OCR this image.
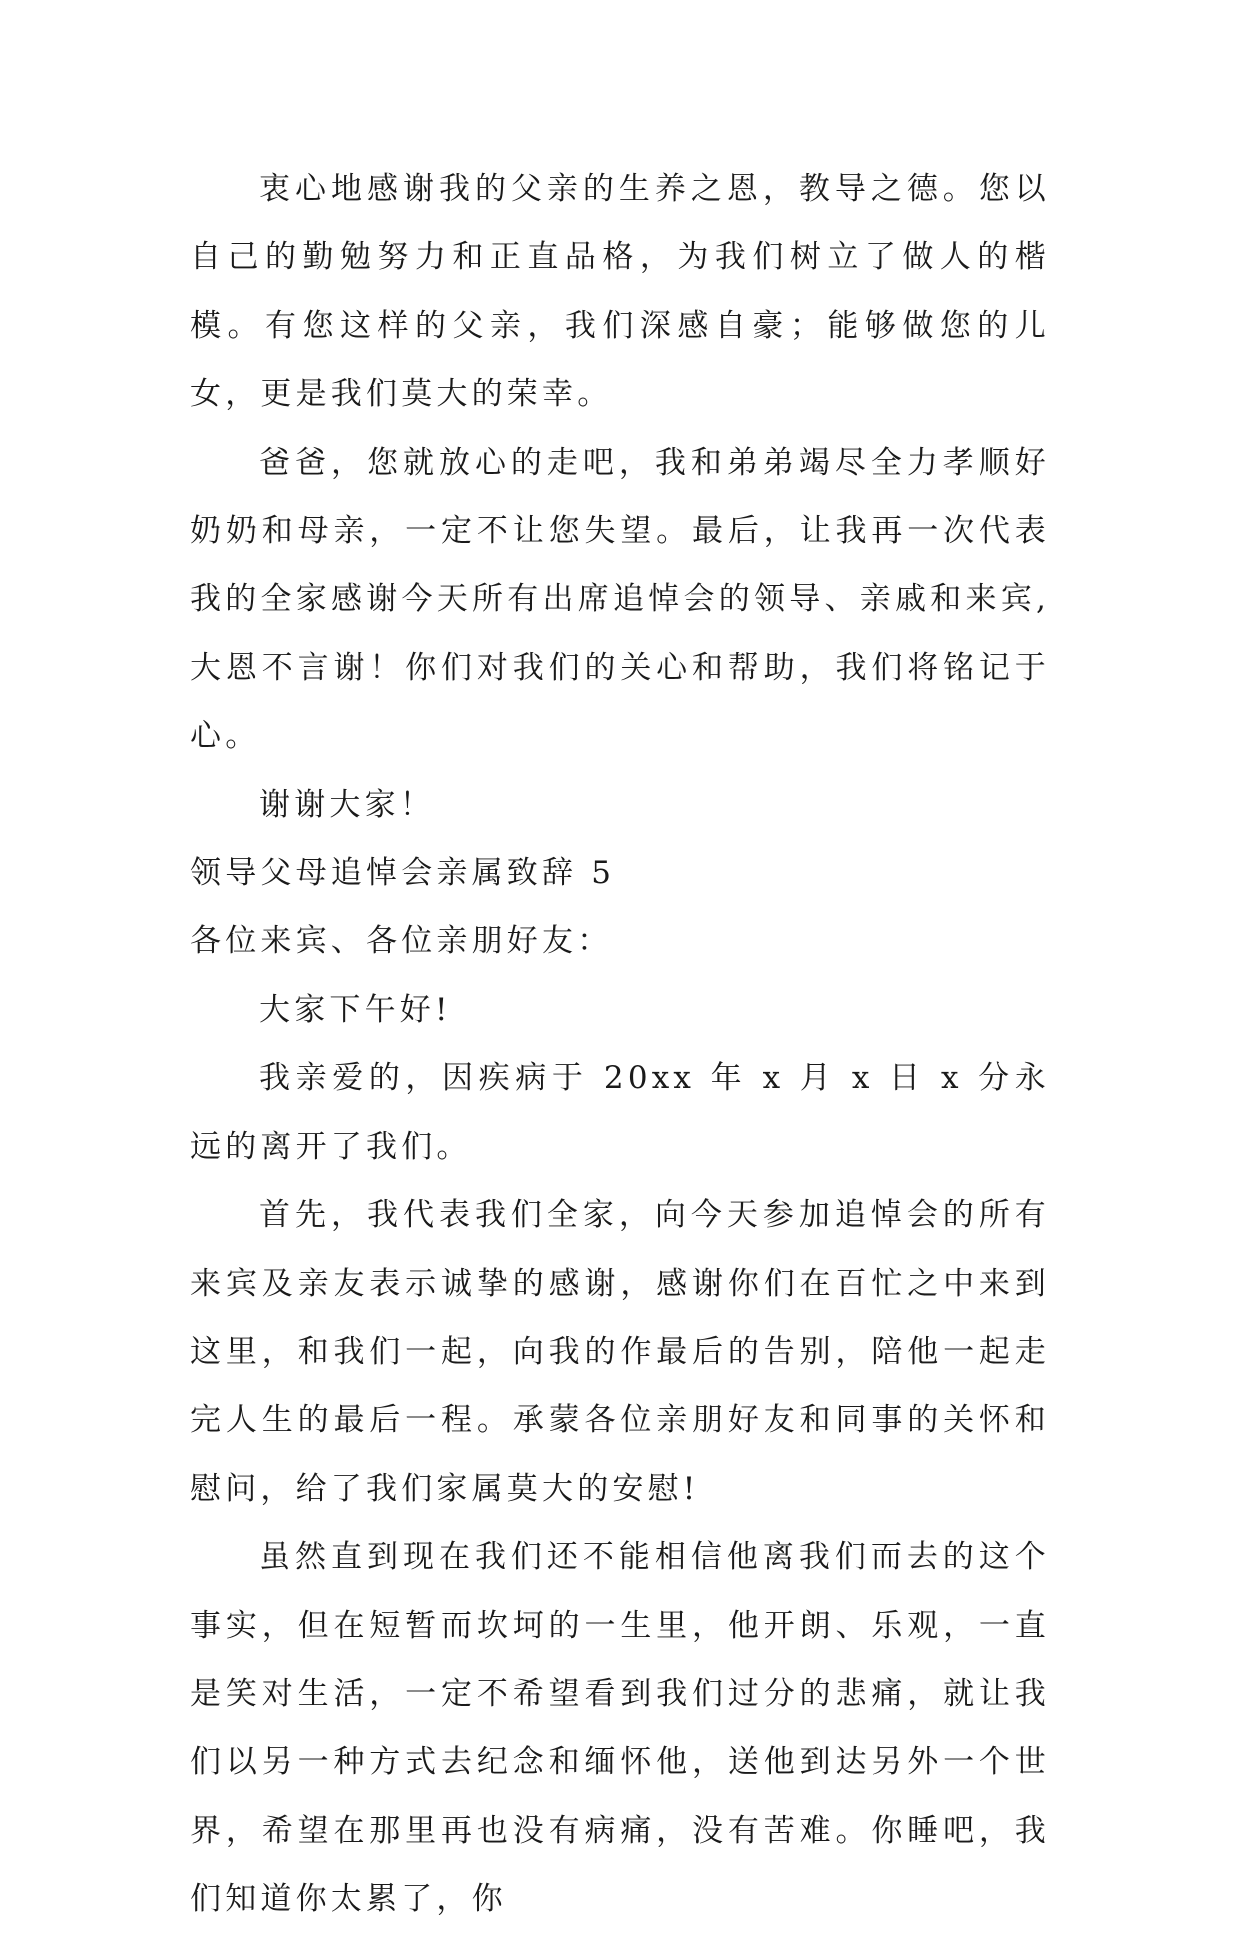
衷心地感谢我的父亲的生养之恩，教导之德。您以自己的勤勉努力和正直品格，为我们树立了做人的楷模。有您这样的父亲，我们深感自豪；能够做您的儿女，更是我们莫大的荣幸。

爸爸，您就放心的走吧，我和弟弟竭尽全力孝顺好奶奶和母亲，一定不让您失望。最后，让我再一次代表我的全家感谢今天所有出席追悼会的领导、亲戚和来宾,大恩不言谢！你们对我们的关心和帮助，我们将铭记于心。

谢谢大家！

领导父母追悼会亲属致辞 5

各位来宾、各位亲朋好友：

大家下午好!

我亲爱的，因疾病于 20xx 年 x 月 x 日 x 分永远的离开了我们。

首先，我代表我们全家，向今天参加追悼会的所有来宾及亲友表示诚挚的感谢，感谢你们在百忙之中来到这里，和我们一起，向我的作最后的告别，陪他一起走完人生的最后一程。承蒙各位亲朋好友和同事的关怀和慰问，给了我们家属莫大的安慰!

虽然直到现在我们还不能相信他离我们而去的这个事实，但在短暂而坎坷的一生里，他开朗、乐观，一直是笑对生活，一定不希望看到我们过分的悲痛，就让我们以另一种方式去纪念和缅怀他，送他到达另外一个世界，希望在那里再也没有病痛，没有苦难。你睡吧，我们知道你太累了，你
